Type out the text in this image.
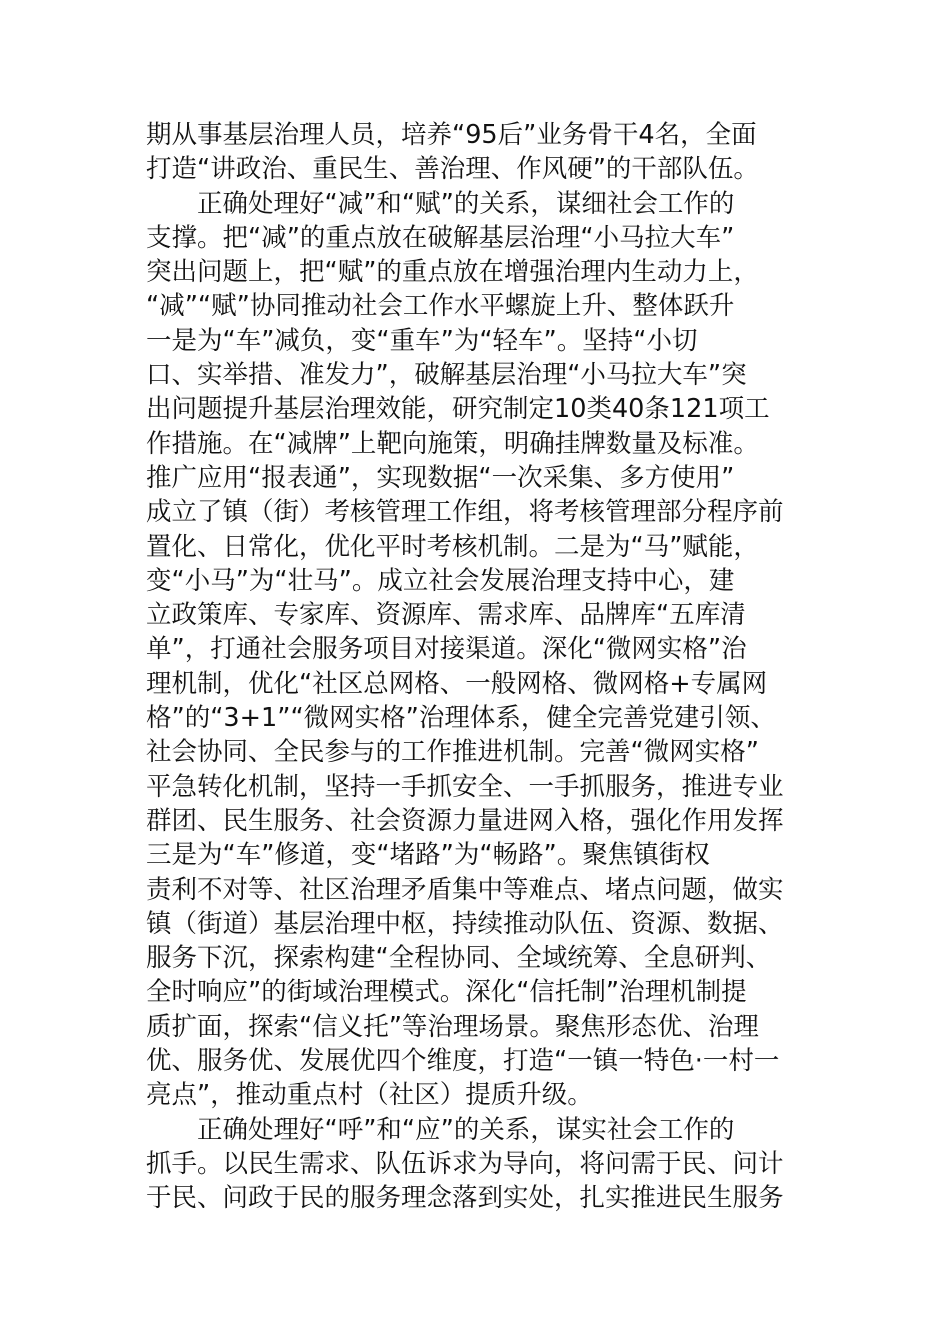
期从事基层治理人员，培养“95后”业务骨干4名，全面
打造“讲政治、重民生、善治理、作风硬”的干部队伍。
正确处理好“减”和“赋”的关系，谋细社会工作的
支撑。把“减”的重点放在破解基层治理“小马拉大车”
突出问题上，把“赋”的重点放在增强治理内生动力上，
“减”“赋”协同推动社会工作水平螺旋上升、整体跃升
一是为“车”减负，变“重车”为“轻车”。坚持“小切
口、实举措、准发力”，破解基层治理“小马拉大车”突
出问题提升基层治理效能，研究制定10类40条121项工
作措施。在“减牌”上靶向施策，明确挂牌数量及标准。
推广应用“报表通”，实现数据“一次采集、多方使用”
成立了镇（街）考核管理工作组，将考核管理部分程序前
置化、日常化，优化平时考核机制。二是为“马”赋能，
变“小马”为“壮马”。成立社会发展治理支持中心，建
立政策库、专家库、资源库、需求库、品牌库“五库清
单”，打通社会服务项目对接渠道。深化“微网实格”治
理机制，优化“社区总网格、一般网格、微网格+专属网
格”的“3+1”“微网实格”治理体系，健全完善党建引领、
社会协同、全民参与的工作推进机制。完善“微网实格”
平急转化机制，坚持一手抓安全、一手抓服务，推进专业
群团、民生服务、社会资源力量进网入格，强化作用发挥
三是为“车”修道，变“堵路”为“畅路”。聚焦镇街权
责利不对等、社区治理矛盾集中等难点、堵点问题，做实
镇（街道）基层治理中枢，持续推动队伍、资源、数据、
服务下沉，探索构建“全程协同、全域统筹、全息研判、
全时响应”的街域治理模式。深化“信托制”治理机制提
质扩面，探索“信义托”等治理场景。聚焦形态优、治理
优、服务优、发展优四个维度，打造“一镇一特色·一村一
亮点”，推动重点村（社区）提质升级。
正确处理好“呼”和“应”的关系，谋实社会工作的
抓手。以民生需求、队伍诉求为导向，将问需于民、问计
于民、问政于民的服务理念落到实处，扎实推进民生服务
